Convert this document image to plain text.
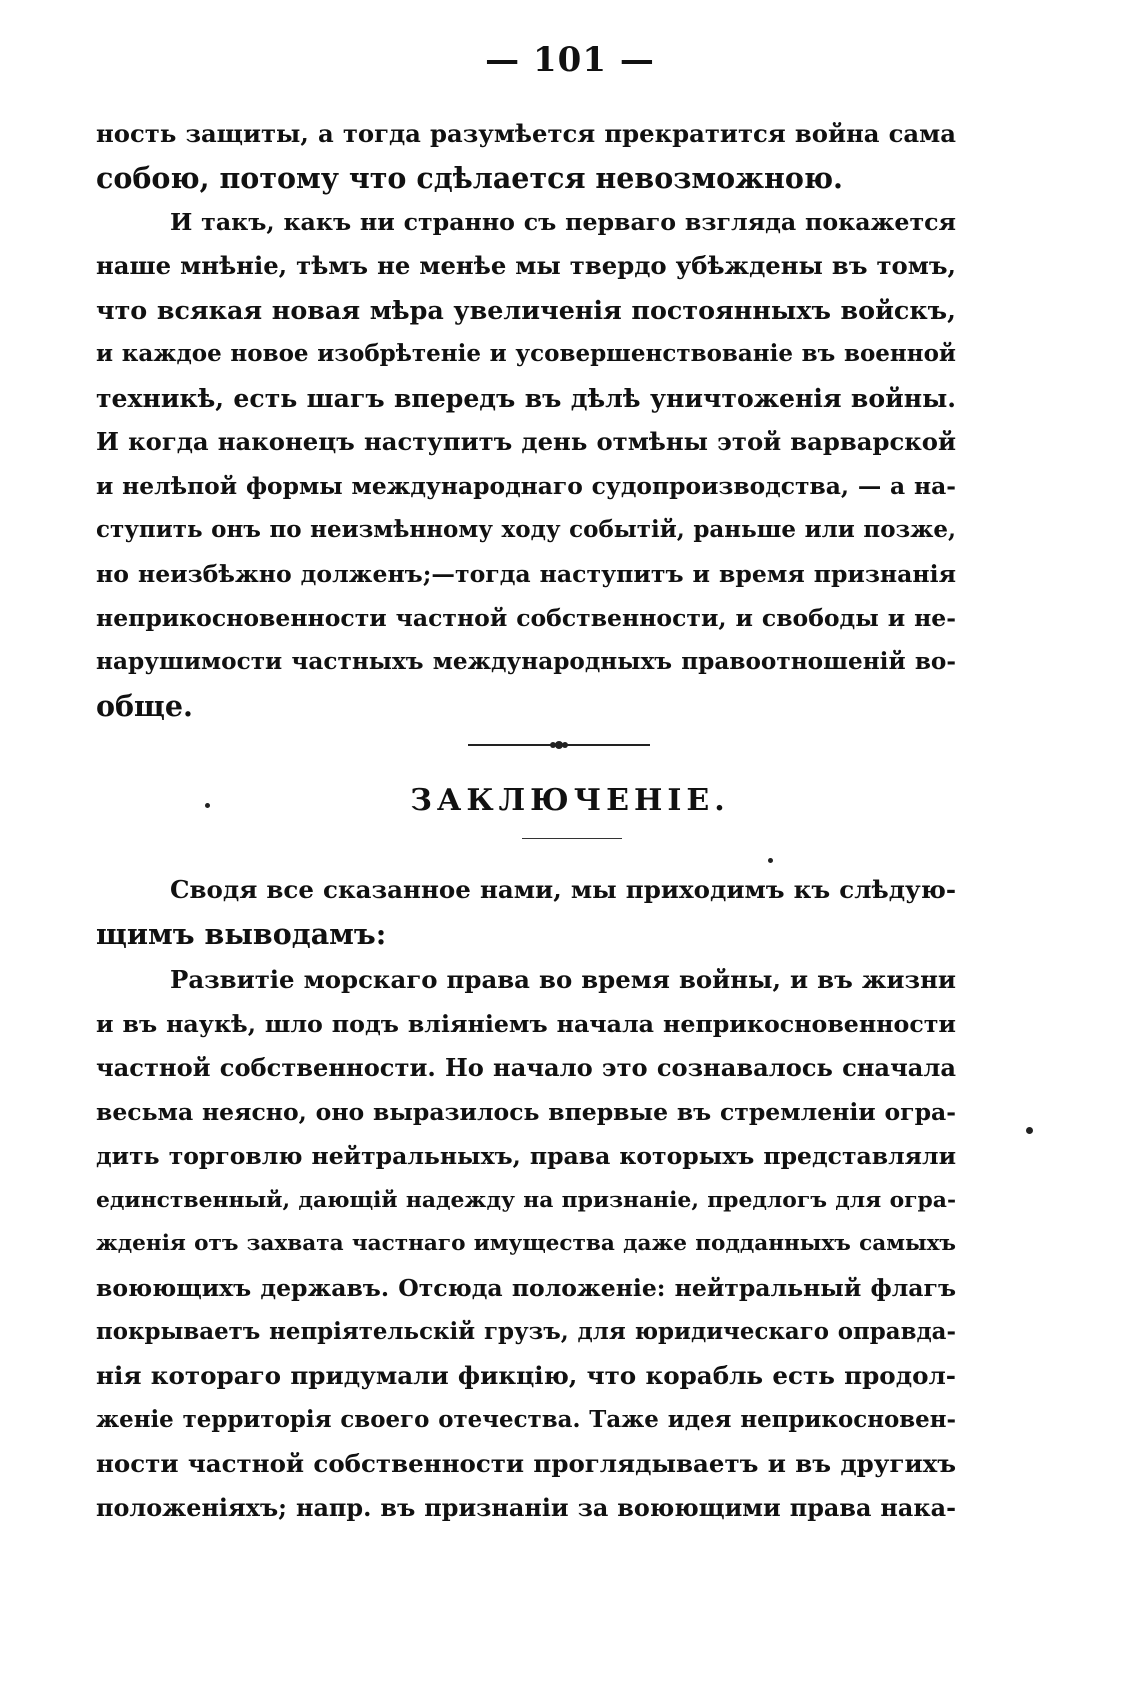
— 101 —
ность защиты, а тогда разумѣется прекратится война сама
собою, потому что сдѣлается невозможною.
И такъ, какъ ни странно съ перваго взгляда покажется
наше мнѣніе, тѣмъ не менѣе мы твердо убѣждены въ томъ,
что всякая новая мѣра увеличенія постоянныхъ войскъ,
и каждое новое изобрѣтеніе и усовершенствованіе въ военной
техникѣ, есть шагъ впередъ въ дѣлѣ уничтоженія войны.
И когда наконецъ наступитъ день отмѣны этой варварской
и нелѣпой формы международнаго судопроизводства, — а на-
ступить онъ по неизмѣнному ходу событій, раньше или позже,
но неизбѣжно долженъ;—тогда наступитъ и время признанія
неприкосновенности частной собственности, и свободы и не-
нарушимости частныхъ международныхъ правоотношеній во-
обще.
ЗАКЛЮЧЕНІЕ.
Сводя все сказанное нами, мы приходимъ къ слѣдую-
щимъ выводамъ:
Развитіе морскаго права во время войны, и въ жизни
и въ наукѣ, шло подъ вліяніемъ начала неприкосновенности
частной собственности. Но начало это сознавалось сначала
весьма неясно, оно выразилось впервые въ стремленіи огра-
дить торговлю нейтральныхъ, права которыхъ представляли
единственный, дающій надежду на признаніе, предлогъ для огра-
жденія отъ захвата частнаго имущества даже подданныхъ самыхъ
воюющихъ державъ. Отсюда положеніе: нейтральный флагъ
покрываетъ непріятельскій грузъ, для юридическаго оправда-
нія котораго придумали фикцію, что корабль есть продол-
женіе территорія своего отечества. Таже идея неприкосновен-
ности частной собственности проглядываетъ и въ другихъ
положеніяхъ; напр. въ признаніи за воюющими права нака-
